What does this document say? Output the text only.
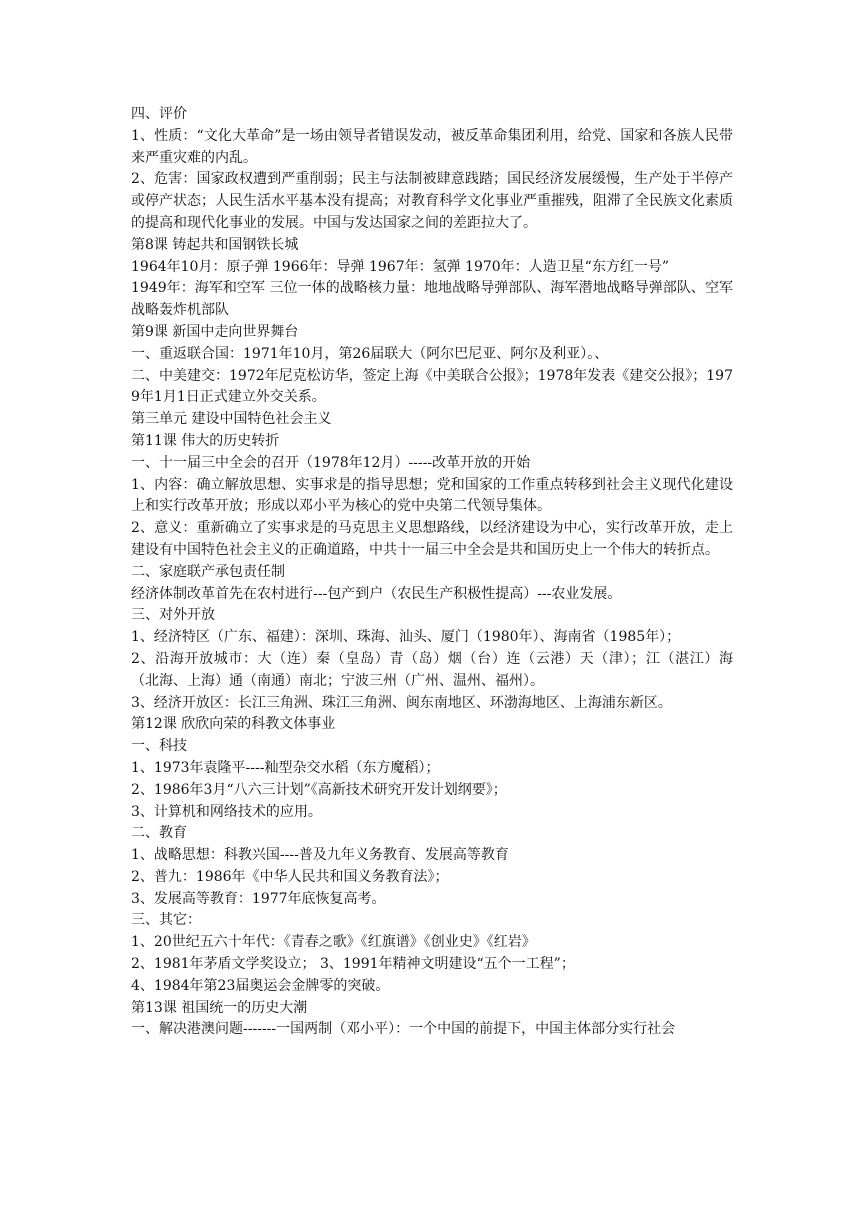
四、评价

1、性质：“文化大革命”是一场由领导者错误发动，被反革命集团利用，给党、国家和各族人民带来严重灾难的内乱。

2、危害：国家政权遭到严重削弱；民主与法制被肆意践踏；国民经济发展缓慢，生产处于半停产或停产状态；人民生活水平基本没有提高；对教育科学文化事业严重摧残，阻滞了全民族文化素质的提高和现代化事业的发展。中国与发达国家之间的差距拉大了。

第8课 铸起共和国钢铁长城

1964年10月：原子弹 1966年：导弹 1967年：氢弹 1970年：人造卫星“东方红一号”

1949年：海军和空军 三位一体的战略核力量：地地战略导弹部队、海军潜地战略导弹部队、空军战略轰炸机部队

第9课 新国中走向世界舞台

一、重返联合国：1971年10月，第26届联大（阿尔巴尼亚、阿尔及利亚）。、

二、中美建交：1972年尼克松访华，签定上海《中美联合公报》；1978年发表《建交公报》；1979年1月1日正式建立外交关系。

第三单元 建设中国特色社会主义

第11课 伟大的历史转折

一、十一届三中全会的召开（1978年12月）-----改革开放的开始

1、内容：确立解放思想、实事求是的指导思想；党和国家的工作重点转移到社会主义现代化建设上和实行改革开放；形成以邓小平为核心的党中央第二代领导集体。

2、意义：重新确立了实事求是的马克思主义思想路线，以经济建设为中心，实行改革开放，走上建设有中国特色社会主义的正确道路，中共十一届三中全会是共和国历史上一个伟大的转折点。

二、家庭联产承包责任制

经济体制改革首先在农村进行---包产到户（农民生产积极性提高）---农业发展。

三、对外开放

1、经济特区（广东、福建）：深圳、珠海、汕头、厦门（1980年）、海南省（1985年）；

2、沿海开放城市：大（连）秦（皇岛）青（岛）烟（台）连（云港）天（津）；江（湛江）海（北海、上海）通（南通）南北；宁波三州（广州、温州、福州）。

3、经济开放区：长江三角洲、珠江三角洲、闽东南地区、环渤海地区、上海浦东新区。

第12课 欣欣向荣的科教文体事业

一、科技

1、1973年袁隆平----籼型杂交水稻（东方魔稻）；

2、1986年3月“八六三计划”《高新技术研究开发计划纲要》；

3、计算机和网络技术的应用。

二、教育

1、战略思想：科教兴国----普及九年义务教育、发展高等教育

2、普九：1986年《中华人民共和国义务教育法》；

3、发展高等教育：1977年底恢复高考。

三、其它：

1、20世纪五六十年代：《青春之歌》《红旗谱》《创业史》《红岩》

2、1981年茅盾文学奖设立； 3、1991年精神文明建设“五个一工程”；

4、1984年第23届奥运会金牌零的突破。

第13课 祖国统一的历史大潮

一、解决港澳问题-------一国两制（邓小平）：一个中国的前提下，中国主体部分实行社会
